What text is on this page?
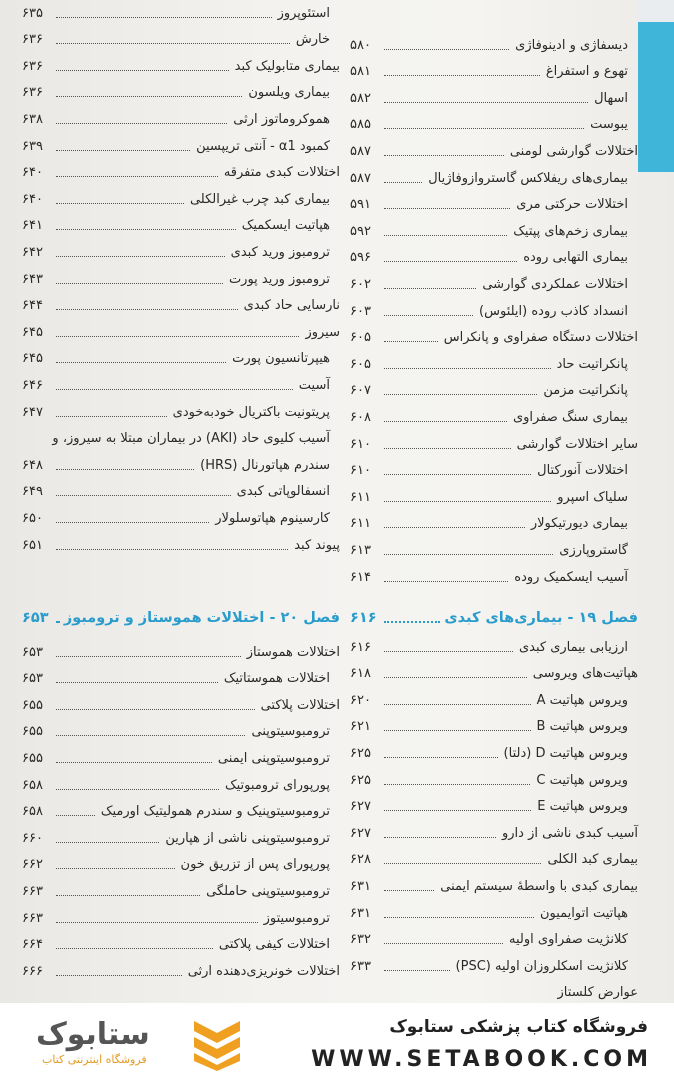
دیسفاژی و ادینوفاژی
۵۸۰
تهوع و استفراغ
۵۸۱
اسهال
۵۸۲
یبوست
۵۸۵
اختلالات گوارشی لومنی
۵۸۷
بیماری‌های ریفلاکس گاستروازوفاژیال
۵۸۷
اختلالات حرکتی مری
۵۹۱
بیماری زخم‌های پپتیک
۵۹۲
بیماری التهابی روده
۵۹۶
اختلالات عملکردی گوارشی
۶۰۲
انسداد کاذب روده (ایلئوس)
۶۰۳
اختلالات دستگاه صفراوی و پانکراس
۶۰۵
پانکراتیت حاد
۶۰۵
پانکراتیت مزمن
۶۰۷
بیماری سنگ صفراوی
۶۰۸
سایر اختلالات گوارشی
۶۱۰
اختلالات آنورکتال
۶۱۰
سلیاک اسپرو
۶۱۱
بیماری دیورتیکولار
۶۱۱
گاستروپارزی
۶۱۳
آسیب ایسکمیک روده
۶۱۴
فصل ۱۹ - بیماری‌های کبدی
۶۱۶
ارزیابی بیماری کبدی
۶۱۶
هپاتیت‌های ویروسی
۶۱۸
ویروس هپاتیت A
۶۲۰
ویروس هپاتیت B
۶۲۱
ویروس هپاتیت D (دلتا)
۶۲۵
ویروس هپاتیت C
۶۲۵
ویروس هپاتیت E
۶۲۷
آسیب کبدی ناشی از دارو
۶۲۷
بیماری کبد الکلی
۶۲۸
بیماری کبدی با واسطهٔ سیستم ایمنی
۶۳۱
هپاتیت اتوایمیون
۶۳۱
کلانژیت صفراوی اولیه
۶۳۲
کلانژیت اسکلروزان اولیه (PSC)
۶۳۳
عوارض کلستاز
استئوپروز
۶۳۵
خارش
۶۳۶
بیماری متابولیک کبد
۶۳۶
بیماری ویلسون
۶۳۶
هموکروماتوز ارثی
۶۳۸
کمبود α1 - آنتی تریپسین
۶۳۹
اختلالات کبدی متفرقه
۶۴۰
بیماری کبد چرب غیرالکلی
۶۴۰
هپاتیت ایسکمیک
۶۴۱
ترومبوز ورید کبدی
۶۴۲
ترومبوز ورید پورت
۶۴۳
نارسایی حاد کبدی
۶۴۴
سیروز
۶۴۵
هیپرتانسیون پورت
۶۴۵
آسیت
۶۴۶
پریتونیت باکتریال خودبه‌خودی
۶۴۷
آسیب کلیوی حاد (AKI) در بیماران مبتلا به سیروز، و
سندرم هپاتورنال (HRS)
۶۴۸
انسفالوپاتی کبدی
۶۴۹
کارسینوم هپاتوسلولار
۶۵۰
پیوند کبد
۶۵۱
فصل ۲۰ - اختلالات هموستاز و ترومبوز
۶۵۳
اختلالات هموستاز
۶۵۳
اختلالات هموستاتیک
۶۵۳
اختلالات پلاکتی
۶۵۵
ترومبوسیتوپنی
۶۵۵
ترومبوسیتوپنی ایمنی
۶۵۵
پورپورای ترومبوتیک
۶۵۸
ترومبوسیتوپنیک و سندرم همولیتیک اورمیک
۶۵۸
ترومبوسیتوپنی ناشی از هپارین
۶۶۰
پورپورای پس از تزریق خون
۶۶۲
ترومبوسیتوپنی حاملگی
۶۶۳
ترومبوسیتوز
۶۶۳
اختلالات کیفی پلاکتی
۶۶۴
اختلالات خونریزی‌دهنده ارثی
۶۶۶
فروشگاه کتاب پزشکی ستابوک
WWW.SETABOOK.COM
ستابوک
فروشگاه اینترنتی کتاب
